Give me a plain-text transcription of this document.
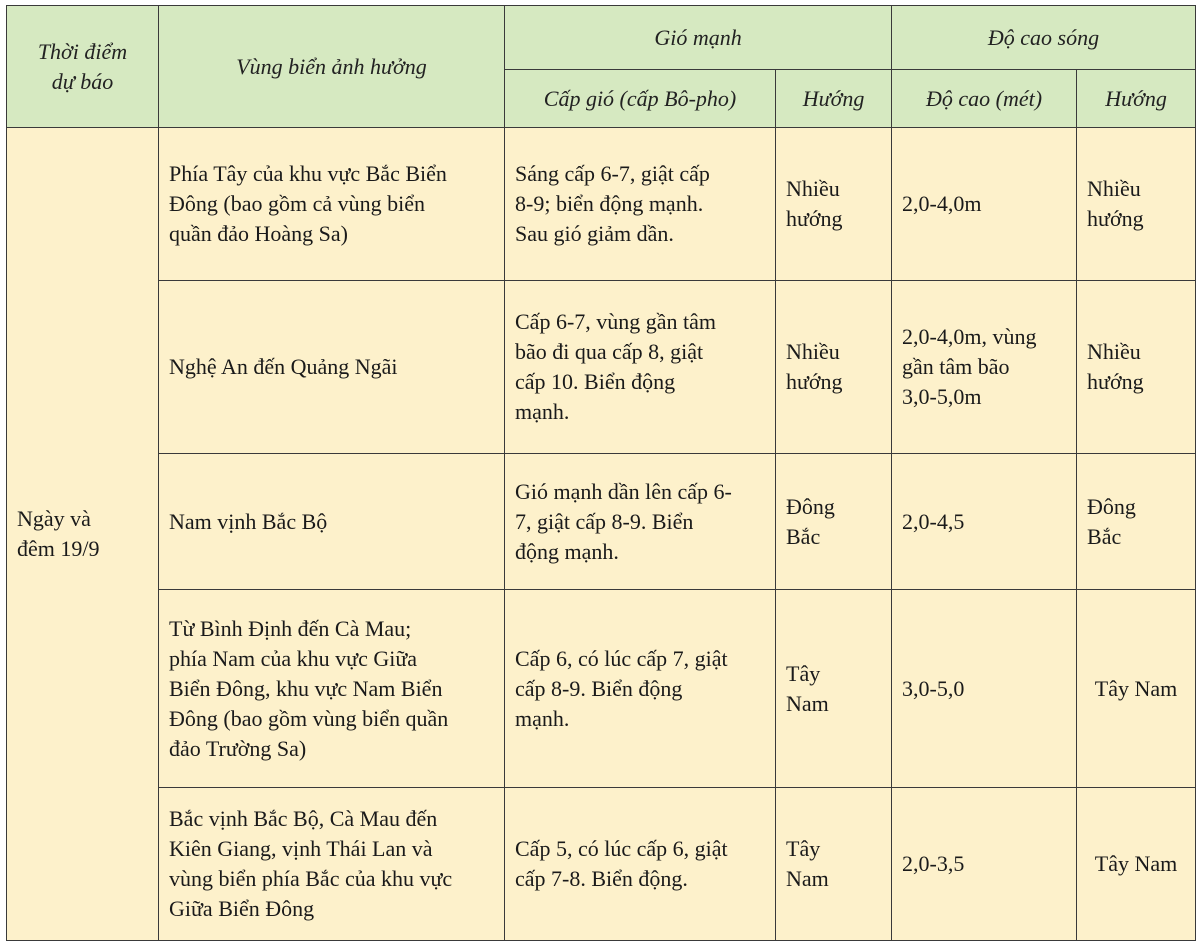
Thời điểm
dự báo	Vùng biển ảnh hưởng	Gió mạnh		Độ cao sóng	
		Cấp gió (cấp Bô-pho)	Hướng	Độ cao (mét)	Hướng
Ngày và
đêm 19/9	Phía Tây của khu vực Bắc Biển
Đông (bao gồm cả vùng biển
quần đảo Hoàng Sa)	Sáng cấp 6-7, giật cấp
8-9; biển động mạnh.
Sau gió giảm dần.	Nhiều
hướng	2,0-4,0m	Nhiều
hướng
	Nghệ An đến Quảng Ngãi	Cấp 6-7, vùng gần tâm
bão đi qua cấp 8, giật
cấp 10. Biển động
mạnh.	Nhiều
hướng	2,0-4,0m, vùng
gần tâm bão
3,0-5,0m	Nhiều
hướng
	Nam vịnh Bắc Bộ	Gió mạnh dần lên cấp 6-
7, giật cấp 8-9. Biển
động mạnh.	Đông
Bắc	2,0-4,5	Đông
Bắc
	Từ Bình Định đến Cà Mau;
phía Nam của khu vực Giữa
Biển Đông, khu vực Nam Biển
Đông (bao gồm vùng biển quần
đảo Trường Sa)	Cấp 6, có lúc cấp 7, giật
cấp 8-9. Biển động
mạnh.	Tây
Nam	3,0-5,0	Tây Nam
	Bắc vịnh Bắc Bộ, Cà Mau đến
Kiên Giang, vịnh Thái Lan và
vùng biển phía Bắc của khu vực
Giữa Biển Đông	Cấp 5, có lúc cấp 6, giật
cấp 7-8. Biển động.	Tây
Nam	2,0-3,5	Tây Nam
